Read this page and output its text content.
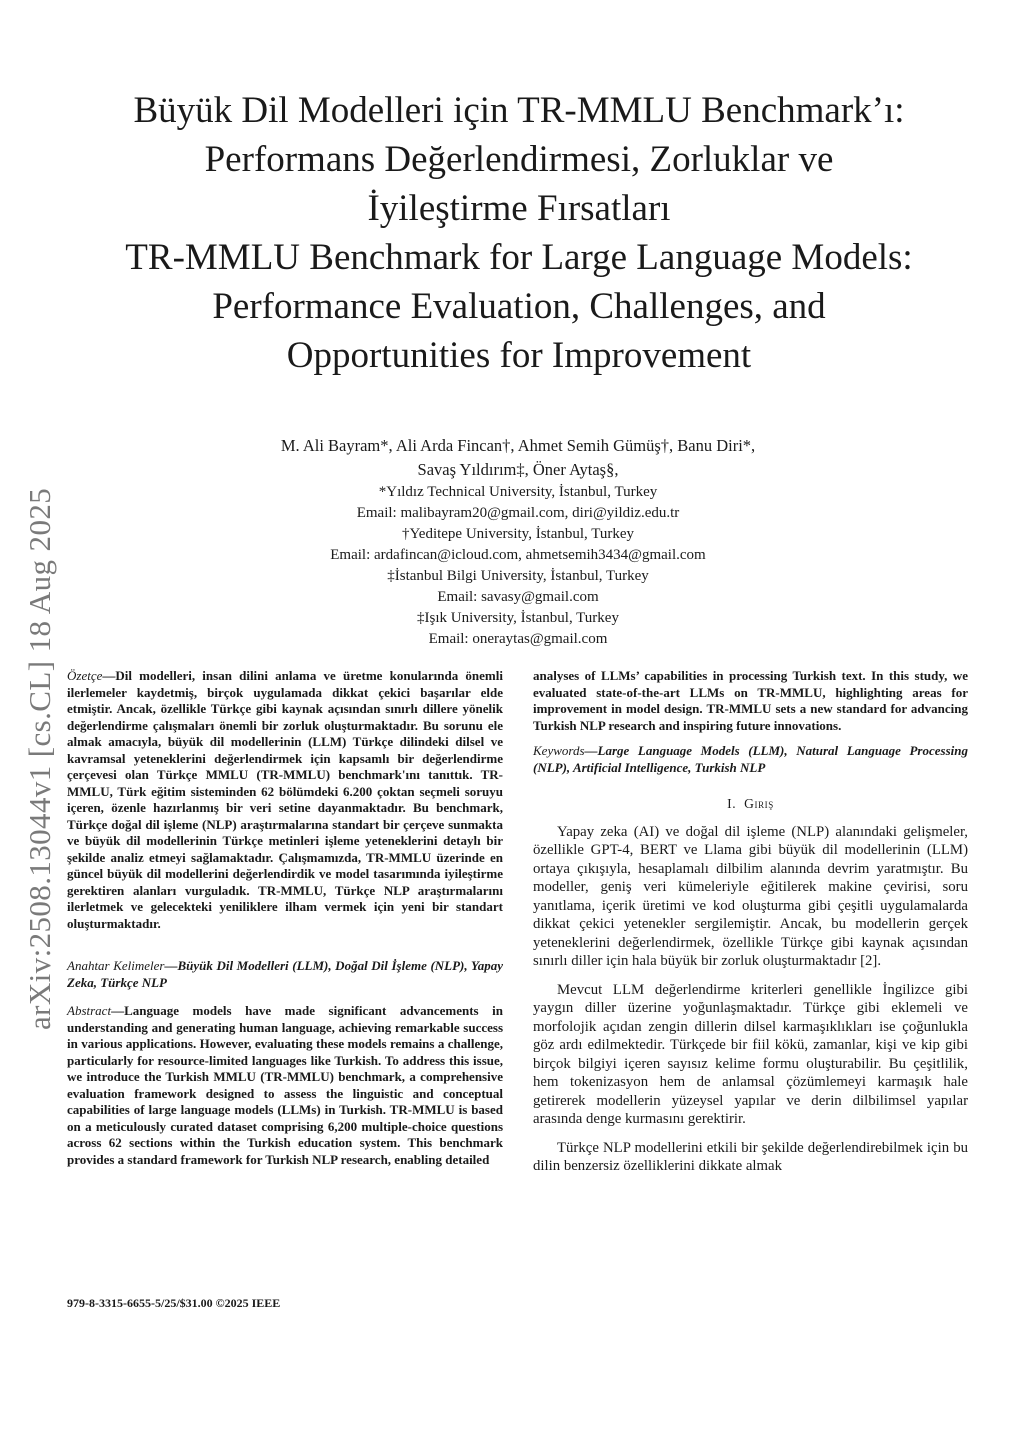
arXiv:2508.13044v1 [cs.CL] 18 Aug 2025
Büyük Dil Modelleri için TR-MMLU Benchmark’ı:
Performans Değerlendirmesi, Zorluklar ve
İyileştirme Fırsatları
TR-MMLU Benchmark for Large Language Models:
Performance Evaluation, Challenges, and
Opportunities for Improvement
M. Ali Bayram*, Ali Arda Fincan†, Ahmet Semih Gümüş†, Banu Diri*,
Savaş Yıldırım‡, Öner Aytaş§,
*Yıldız Technical University, İstanbul, Turkey
Email: malibayram20@gmail.com, diri@yildiz.edu.tr
†Yeditepe University, İstanbul, Turkey
Email: ardafincan@icloud.com, ahmetsemih3434@gmail.com
‡İstanbul Bilgi University, İstanbul, Turkey
Email: savasy@gmail.com
‡Işık University, İstanbul, Turkey
Email: oneraytas@gmail.com

Özetçe—Dil modelleri, insan dilini anlama ve üretme konularında önemli ilerlemeler kaydetmiş, birçok uygulamada dikkat çekici başarılar elde etmiştir. Ancak, özellikle Türkçe gibi kaynak açısından sınırlı dillere yönelik değerlendirme çalışmaları önemli bir zorluk oluşturmaktadır. Bu sorunu ele almak amacıyla, büyük dil modellerinin (LLM) Türkçe dilindeki dilsel ve kavramsal yeteneklerini değerlendirmek için kapsamlı bir değerlendirme çerçevesi olan Türkçe MMLU (TR-MMLU) benchmark'ını tanıttık. TR-MMLU, Türk eğitim sisteminden 62 bölümdeki 6.200 çoktan seçmeli soruyu içeren, özenle hazırlanmış bir veri setine dayanmaktadır. Bu benchmark, Türkçe doğal dil işleme (NLP) araştırmalarına standart bir çerçeve sunmakta ve büyük dil modellerinin Türkçe metinleri işleme yeteneklerini detaylı bir şekilde analiz etmeyi sağlamaktadır. Çalışmamızda, TR-MMLU üzerinde en güncel büyük dil modellerini değerlendirdik ve model tasarımında iyileştirme gerektiren alanları vurguladık. TR-MMLU, Türkçe NLP araştırmalarını ilerletmek ve gelecekteki yeniliklere ilham vermek için yeni bir standart oluşturmaktadır.

Anahtar Kelimeler—Büyük Dil Modelleri (LLM), Doğal Dil İşleme (NLP), Yapay Zeka, Türkçe NLP

Abstract—Language models have made significant advancements in understanding and generating human language, achieving remarkable success in various applications. However, evaluating these models remains a challenge, particularly for resource-limited languages like Turkish. To address this issue, we introduce the Turkish MMLU (TR-MMLU) benchmark, a comprehensive evaluation framework designed to assess the linguistic and conceptual capabilities of large language models (LLMs) in Turkish. TR-MMLU is based on a meticulously curated dataset comprising 6,200 multiple-choice questions across 62 sections within the Turkish education system. This benchmark provides a standard framework for Turkish NLP research, enabling detailed

analyses of LLMs’ capabilities in processing Turkish text. In this study, we evaluated state-of-the-art LLMs on TR-MMLU, highlighting areas for improvement in model design. TR-MMLU sets a new standard for advancing Turkish NLP research and inspiring future innovations.

Keywords—Large Language Models (LLM), Natural Language Processing (NLP), Artificial Intelligence, Turkish NLP

I. Giriş

Yapay zeka (AI) ve doğal dil işleme (NLP) alanındaki gelişmeler, özellikle GPT-4, BERT ve Llama gibi büyük dil modellerinin (LLM) ortaya çıkışıyla, hesaplamalı dilbilim alanında devrim yaratmıştır. Bu modeller, geniş veri kümeleriyle eğitilerek makine çevirisi, soru yanıtlama, içerik üretimi ve kod oluşturma gibi çeşitli uygulamalarda dikkat çekici yetenekler sergilemiştir. Ancak, bu modellerin gerçek yeteneklerini değerlendirmek, özellikle Türkçe gibi kaynak açısından sınırlı diller için hala büyük bir zorluk oluşturmaktadır [2].

Mevcut LLM değerlendirme kriterleri genellikle İngilizce gibi yaygın diller üzerine yoğunlaşmaktadır. Türkçe gibi eklemeli ve morfolojik açıdan zengin dillerin dilsel karmaşıklıkları ise çoğunlukla göz ardı edilmektedir. Türkçede bir fiil kökü, zamanlar, kişi ve kip gibi birçok bilgiyi içeren sayısız kelime formu oluşturabilir. Bu çeşitlilik, hem tokenizasyon hem de anlamsal çözümlemeyi karmaşık hale getirerek modellerin yüzeysel yapılar ve derin dilbilimsel yapılar arasında denge kurmasını gerektirir.

Türkçe NLP modellerini etkili bir şekilde değerlendirebilmek için bu dilin benzersiz özelliklerini dikkate almak

979-8-3315-6655-5/25/$31.00 ©2025 IEEE
